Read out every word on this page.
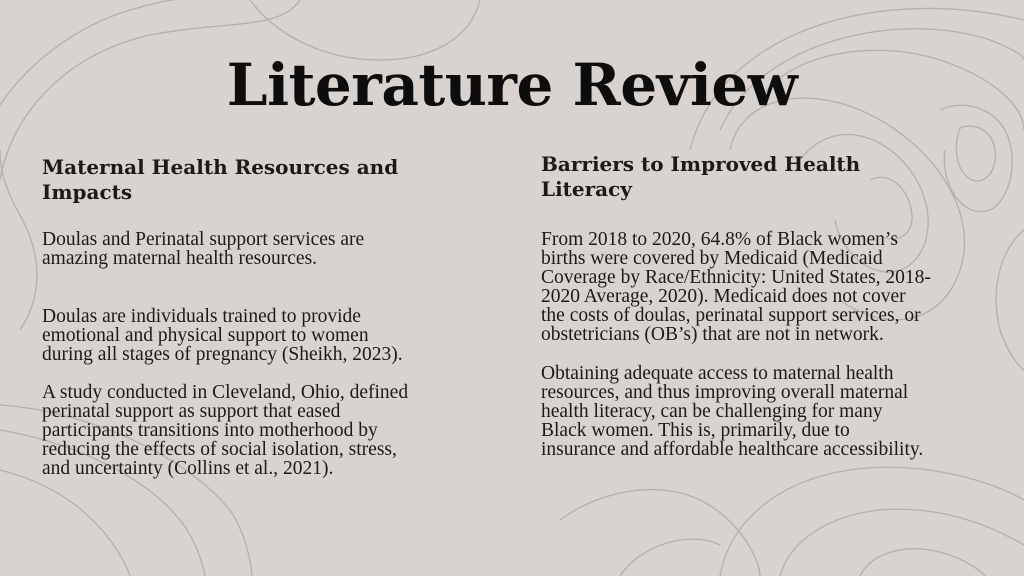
Literature Review
Maternal Health Resources and
Impacts

Doulas and Perinatal support services are
amazing maternal health resources.

Doulas are individuals trained to provide
emotional and physical support to women
during all stages of pregnancy (Sheikh, 2023).

A study conducted in Cleveland, Ohio, defined
perinatal support as support that eased
participants transitions into motherhood by
reducing the effects of social isolation, stress,
and uncertainty (Collins et al., 2021).

Barriers to Improved Health
Literacy

From 2018 to 2020, 64.8% of Black women’s
births were covered by Medicaid (Medicaid
Coverage by Race/Ethnicity: United States, 2018-
2020 Average, 2020). Medicaid does not cover
the costs of doulas, perinatal support services, or
obstetricians (OB’s) that are not in network.

Obtaining adequate access to maternal health
resources, and thus improving overall maternal
health literacy, can be challenging for many
Black women. This is, primarily, due to
insurance and affordable healthcare accessibility.
